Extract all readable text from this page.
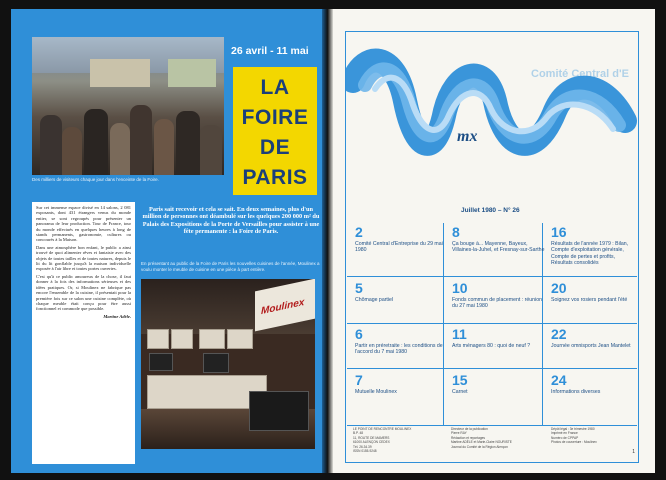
Des milliers de visiteurs chaque jour dans l'enceinte de la Foire.
26 avril - 11 mai
LA
FOIRE
DE
PARIS

Sur cet immense espace divisé en 14 salons, 2 081 exposants, dont 431 étrangers venus du monde entier, se sont regroupés pour présenter un panorama de leur production. Tour de France, tour du monde effectués en quelques heures à long de stands permanents, gastronomie, cultures ou concourés à la Maison.

Dans une atmosphère bon enfant, le public a ainsi trouvé de quoi alimenter rêves et fantaisie avec des objets de toutes tailles et de toutes natures, depuis le lit du lit gonflable jusqu'à la maison individuelle exposée à l'air libre et toutes portes ouvertes.

C'est qu'à ce public amoureux de la chose, il faut donner à la fois des informations sérieuses et des idées pratiques. Or, si Moulinex ne fabrique pas encore l'ensemble de la cuisine, il présentait pour la première fois sur ce salon une cuisine complète, où chaque meuble était conçu pour être aussi fonctionnel et commode que possible.

Martine Adèle.

Paris sait recevoir et cela se sait. En deux semaines, plus d'un million de personnes ont déambulé sur les quelques 200 000 m² du Palais des Expositions de la Porte de Versailles pour assister à une fête permanente : la Foire de Paris.
En présentant au public de la Foire de Paris les nouvelles cuisines de l'année, Moulinex a voulu monter le meuble de cuisine en une pièce à part entière.
Moulinex
mx
Comité Central d'E
Juillet 1980 – N° 26
2
Comité Central d'Entreprise du 29 mai 1980
8
Ça bouge à... Mayenne, Bayeux, Villaines-la-Juhel, et Fresnay-sur-Sarthe
16
Résultats de l'année 1979 : Bilan, Compte d'exploitation générale, Compte de pertes et profits, Résultats consolidés
5
Chômage partiel
10
Fonds commun de placement : réunion du 27 mai 1980
20
Soignez vos rosiers pendant l'été
6
Partir en préretraite : les conditions de l'accord du 7 mai 1980
11
Arts ménagers 80 : quoi de neuf ?
22
Journée omnisports Jean Mantelet
7
Mutuelle Moulinex
15
Carnet
24
Informations diverses
LE POINT DE RENCONTRE MOULINEX
B.P. 48
11, ROUTE DE MAMERS
61000 ALENÇON CEDEX
Tél. 26.34.39
ISSN 0155-9248
Directeur de la publication
Pierre RAY
Rédaction et reportages
Martine ADÈLE et Marie-Claire NOURISTE
Journal du Comité de la Région Alençon
Dépôt légal : 3e trimestre 1980
Imprimé en France
Numéro de CPPAP
Photos de couverture : Moulinex
1
